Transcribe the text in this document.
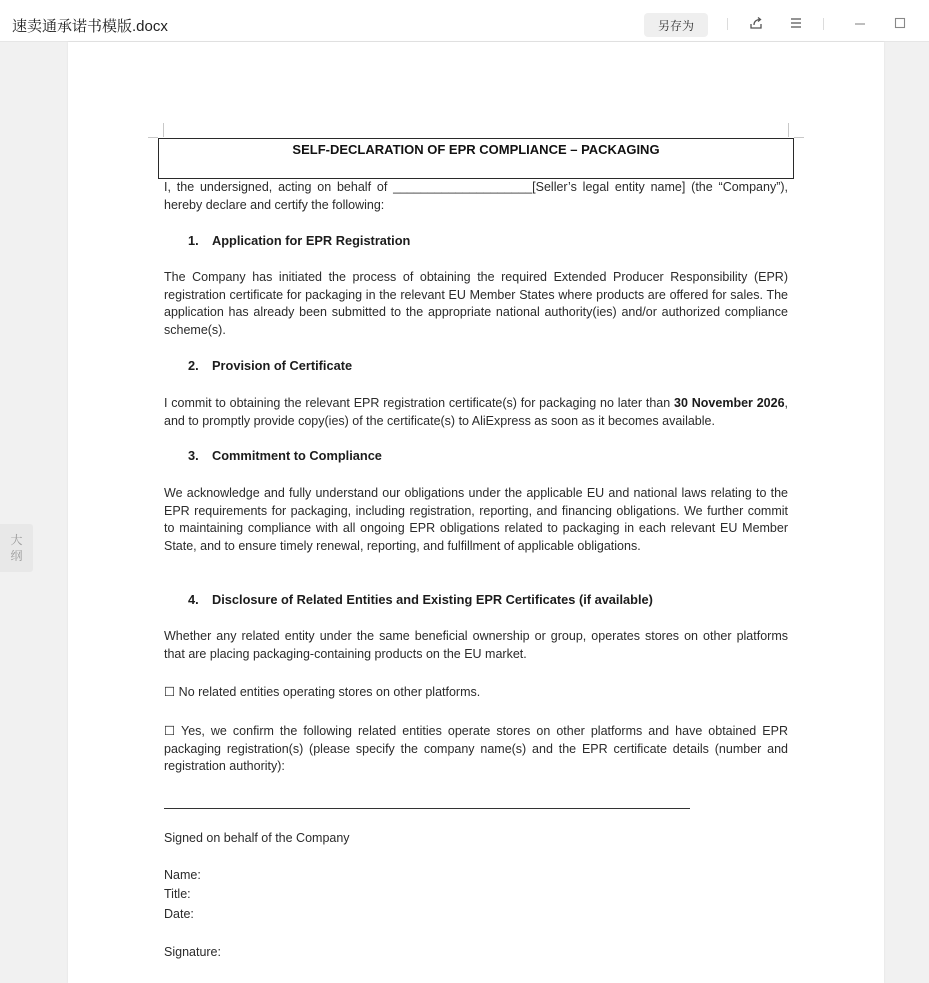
速卖通承诺书模版.docx	另存为
大
纲
SELF-DECLARATION OF EPR COMPLIANCE – PACKAGING
I, the undersigned, acting on behalf of ____________________[Seller’s legal entity name] (the “Company”), hereby declare and certify the following:
1. Application for EPR Registration
The Company has initiated the process of obtaining the required Extended Producer Responsibility (EPR) registration certificate for packaging in the relevant EU Member States where products are offered for sales. The application has already been submitted to the appropriate national authority(ies) and/or authorized compliance scheme(s).
2. Provision of Certificate
I commit to obtaining the relevant EPR registration certificate(s) for packaging no later than 30 November 2026, and to promptly provide copy(ies) of the certificate(s) to AliExpress as soon as it becomes available.
3. Commitment to Compliance
We acknowledge and fully understand our obligations under the applicable EU and national laws relating to the EPR requirements for packaging, including registration, reporting, and financing obligations. We further commit to maintaining compliance with all ongoing EPR obligations related to packaging in each relevant EU Member State, and to ensure timely renewal, reporting, and fulfillment of applicable obligations.
4. Disclosure of Related Entities and Existing EPR Certificates (if available)
Whether any related entity under the same beneficial ownership or group, operates stores on other platforms that are placing packaging-containing products on the EU market.
☐ No related entities operating stores on other platforms.
☐ Yes, we confirm the following related entities operate stores on other platforms and have obtained EPR packaging registration(s) (please specify the company name(s) and the EPR certificate details (number and registration authority):
Signed on behalf of the Company
Name:
Title:
Date:
Signature:
